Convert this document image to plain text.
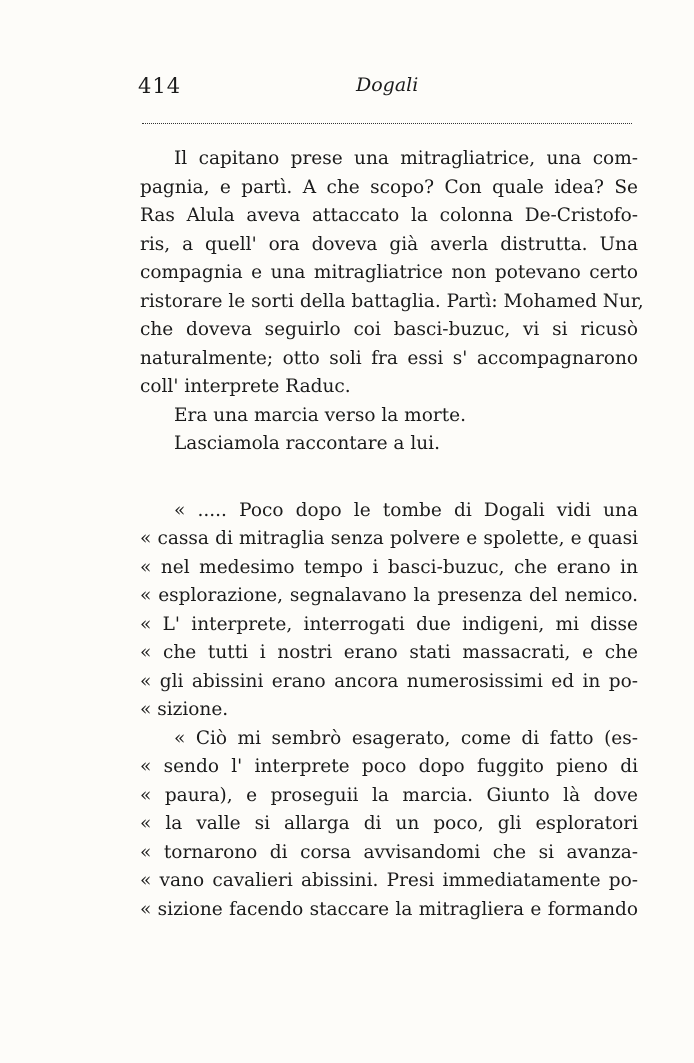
414	Dogali
Il capitano prese una mitragliatrice, una com-
pagnia, e partì. A che scopo? Con quale idea? Se
Ras Alula aveva attaccato la colonna De-Cristofo-
ris, a quell' ora doveva già averla distrutta. Una
compagnia e una mitragliatrice non potevano certo
ristorare le sorti della battaglia. Partì: Mohamed Nur,
che doveva seguirlo coi basci-buzuc, vi si ricusò
naturalmente; otto soli fra essi s' accompagnarono
coll' interprete Raduc.
Era una marcia verso la morte.
Lasciamola raccontare a lui.
« ..... Poco dopo le tombe di Dogali vidi una
« cassa di mitraglia senza polvere e spolette, e quasi
« nel medesimo tempo i basci-buzuc, che erano in
« esplorazione, segnalavano la presenza del nemico.
« L' interprete, interrogati due indigeni, mi disse
« che tutti i nostri erano stati massacrati, e che
« gli abissini erano ancora numerosissimi ed in po-
« sizione.
« Ciò mi sembrò esagerato, come di fatto (es-
« sendo l' interprete poco dopo fuggito pieno di
« paura), e proseguii la marcia. Giunto là dove
« la valle si allarga di un poco, gli esploratori
« tornarono di corsa avvisandomi che si avanza-
« vano cavalieri abissini. Presi immediatamente po-
« sizione facendo staccare la mitragliera e formando
